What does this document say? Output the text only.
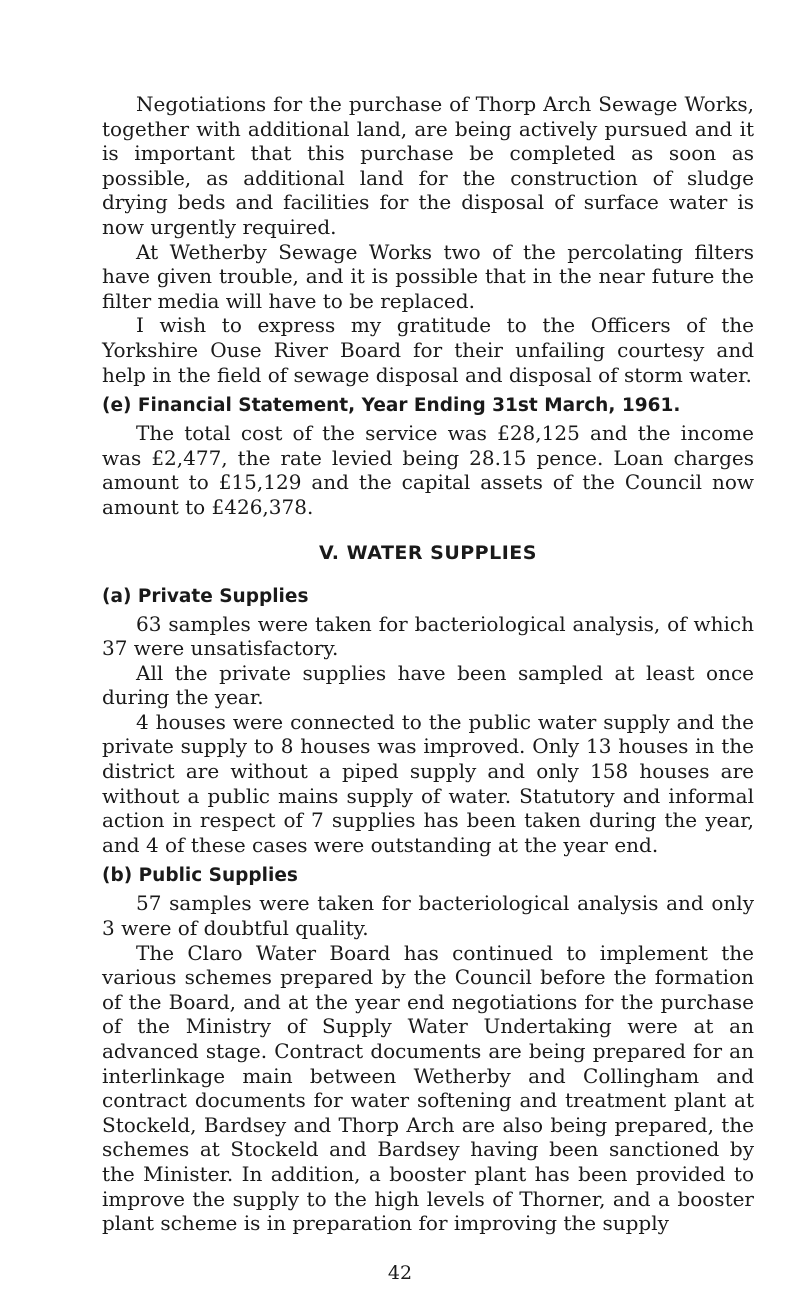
Negotiations for the purchase of Thorp Arch Sewage Works, together with additional land, are being actively pursued and it is important that this purchase be completed as soon as possible, as additional land for the construction of sludge drying beds and facilities for the disposal of surface water is now urgently required.

At Wetherby Sewage Works two of the percolating filters have given trouble, and it is possible that in the near future the filter media will have to be replaced.

I wish to express my gratitude to the Officers of the Yorkshire Ouse River Board for their unfailing courtesy and help in the field of sewage disposal and disposal of storm water.

(e) Financial Statement, Year Ending 31st March, 1961.

The total cost of the service was £28,125 and the income was £2,477, the rate levied being 28.15 pence. Loan charges amount to £15,129 and the capital assets of the Council now amount to £426,378.

V. WATER SUPPLIES
(a) Private Supplies

63 samples were taken for bacteriological analysis, of which 37 were unsatisfactory.

All the private supplies have been sampled at least once during the year.

4 houses were connected to the public water supply and the private supply to 8 houses was improved. Only 13 houses in the district are without a piped supply and only 158 houses are without a public mains supply of water. Statutory and informal action in respect of 7 supplies has been taken during the year, and 4 of these cases were outstanding at the year end.

(b) Public Supplies

57 samples were taken for bacteriological analysis and only 3 were of doubtful quality.

The Claro Water Board has continued to implement the various schemes prepared by the Council before the formation of the Board, and at the year end negotiations for the purchase of the Ministry of Supply Water Undertaking were at an advanced stage. Contract documents are being prepared for an interlinkage main between Wetherby and Collingham and contract documents for water softening and treatment plant at Stockeld, Bardsey and Thorp Arch are also being prepared, the schemes at Stockeld and Bardsey having been sanctioned by the Minister. In addition, a booster plant has been provided to improve the supply to the high levels of Thorner, and a booster plant scheme is in preparation for improving the supply

42
